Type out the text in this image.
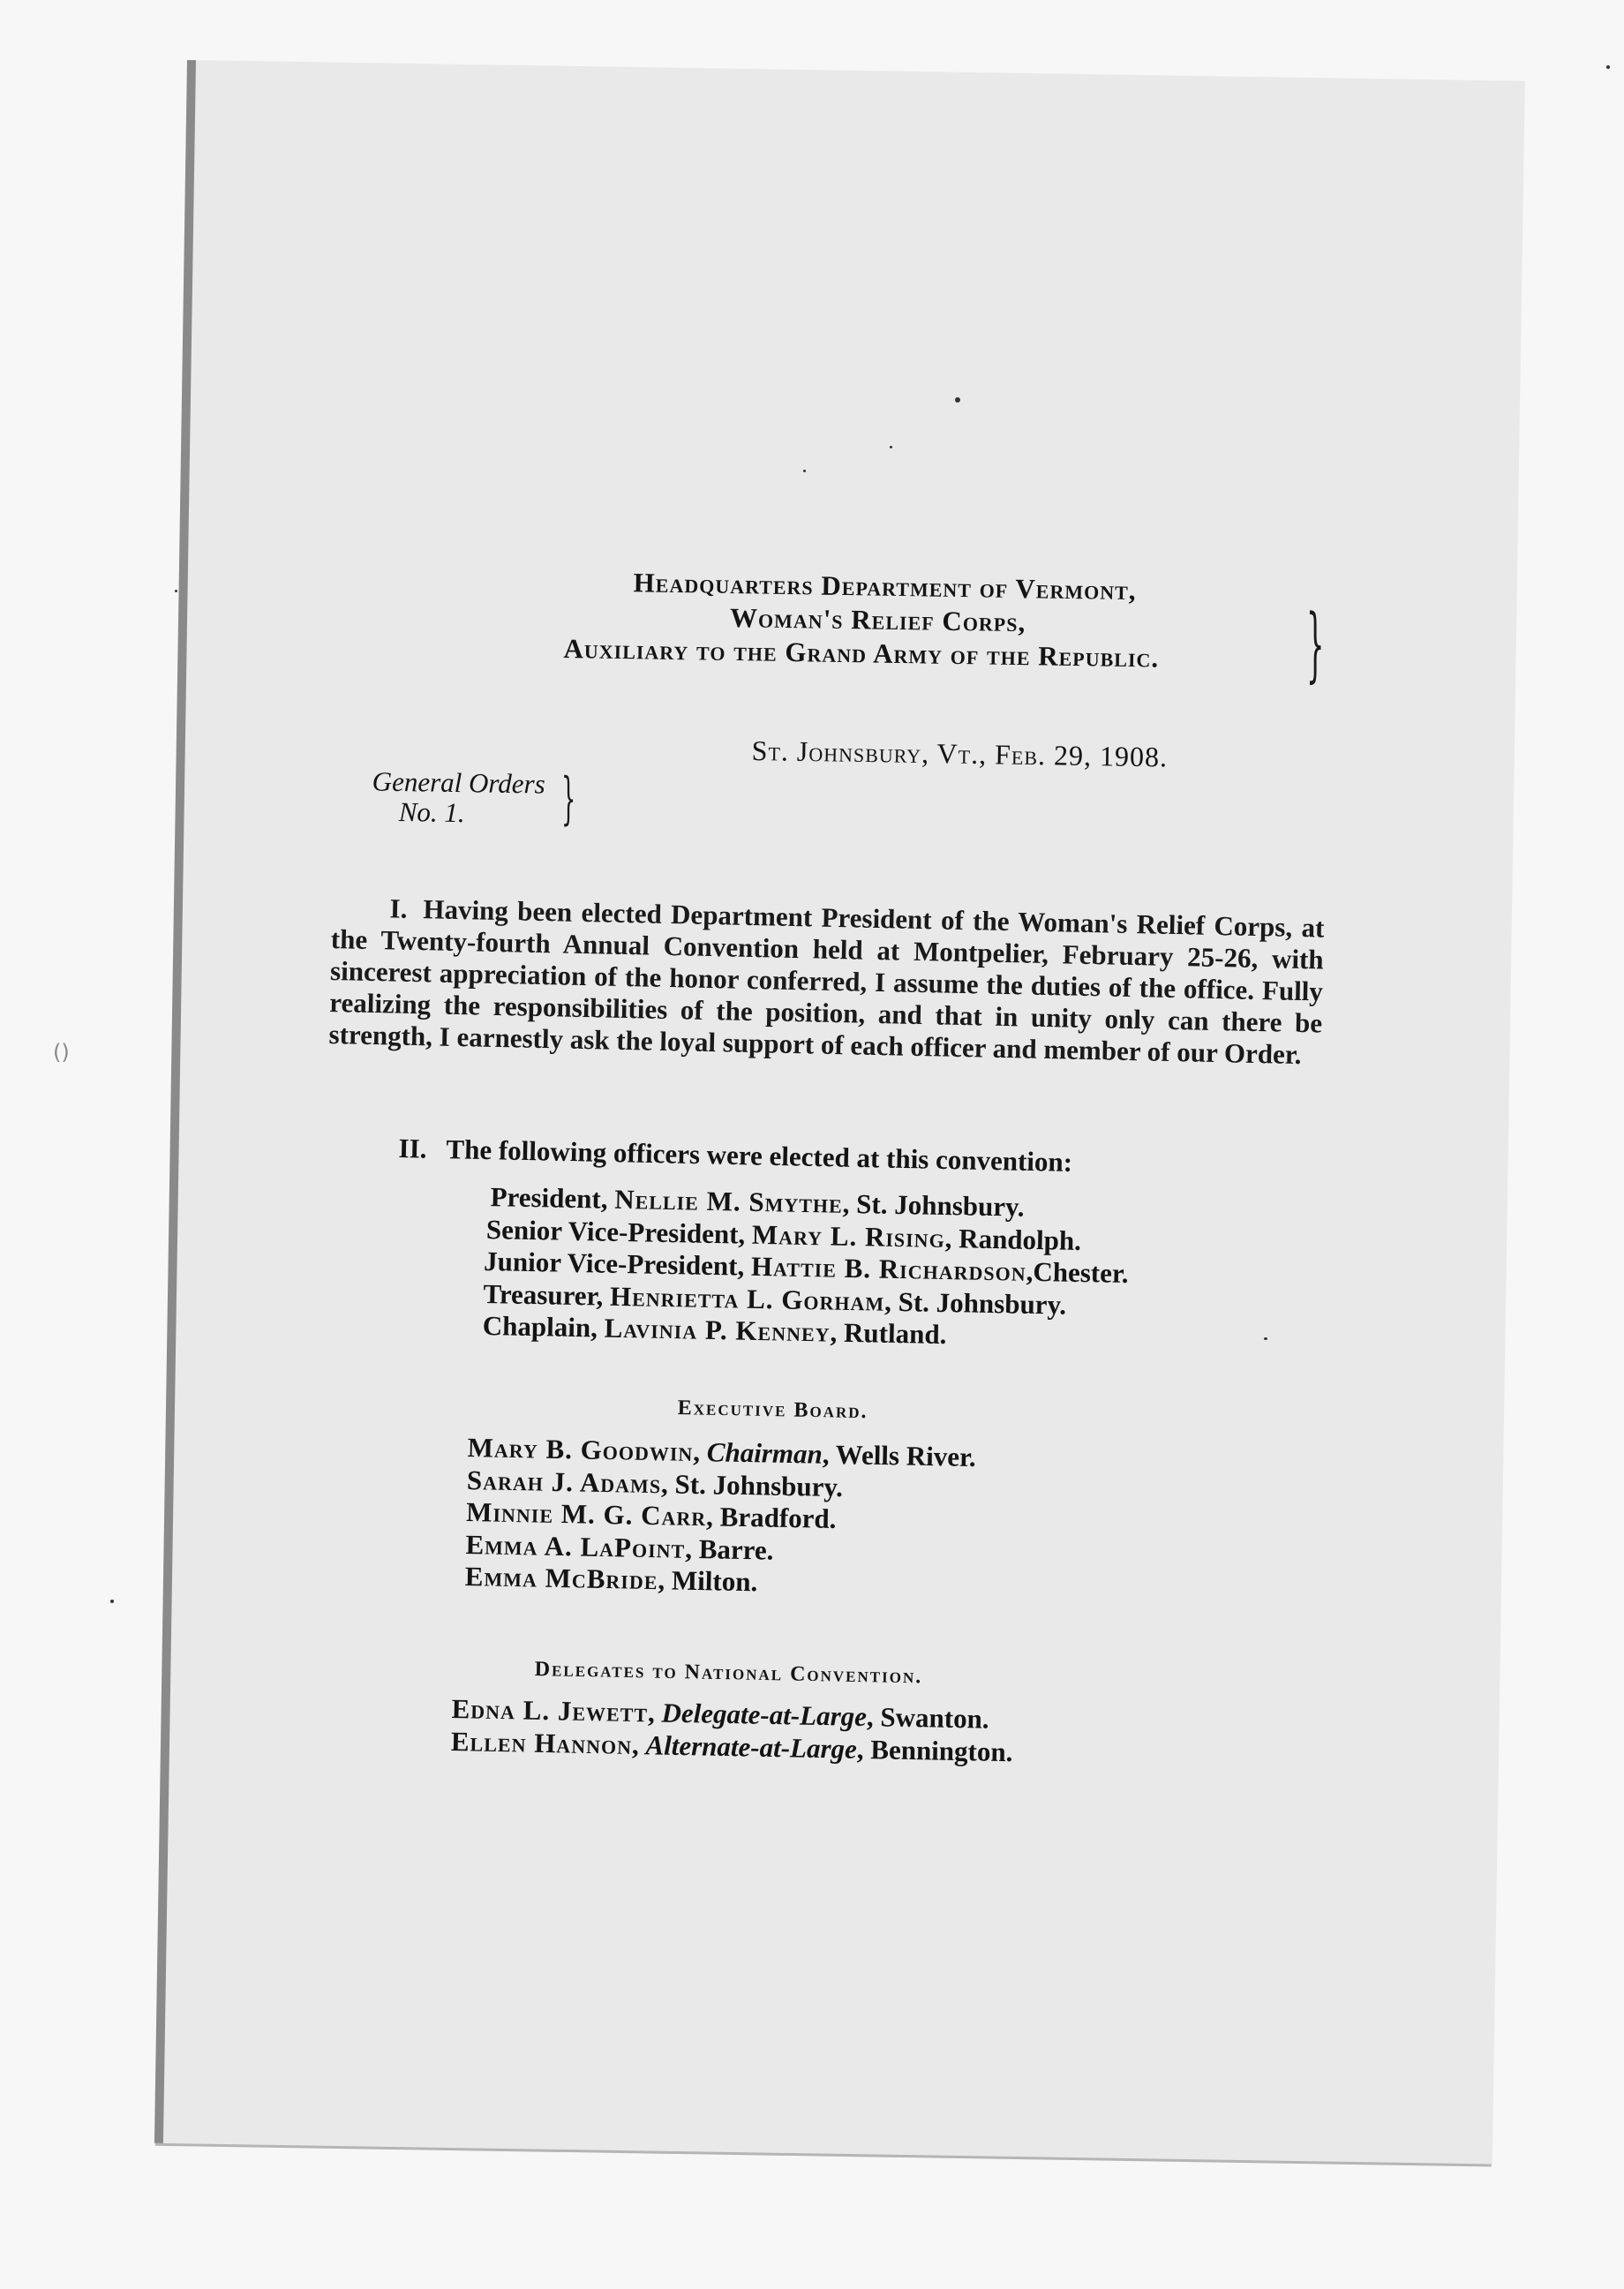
Headquarters Department of Vermont,
Woman's Relief Corps,
Auxiliary to the Grand Army of the Republic.	}
St. Johnsbury, Vt., Feb. 29, 1908.
General Orders
No. 1.	}
I. Having been elected Department President of the Woman's Relief Corps, at the Twenty-fourth Annual Convention held at Montpelier, February 25-26, with sincerest appreciation of the honor conferred, I assume the duties of the office. Fully realizing the responsibilities of the position, and that in unity only can there be strength, I earnestly ask the loyal support of each officer and member of our Order.
II. The following officers were elected at this convention:
President, Nellie M. Smythe, St. Johnsbury.
Senior Vice-President, Mary L. Rising, Randolph.
Junior Vice-President, Hattie B. Richardson,Chester.
Treasurer, Henrietta L. Gorham, St. Johnsbury.
Chaplain, Lavinia P. Kenney, Rutland.
Executive Board.
Mary B. Goodwin, Chairman, Wells River.
Sarah J. Adams, St. Johnsbury.
Minnie M. G. Carr, Bradford.
Emma A. LaPoint, Barre.
Emma McBride, Milton.
Delegates to National Convention.
Edna L. Jewett, Delegate-at-Large, Swanton.
Ellen Hannon, Alternate-at-Large, Bennington.
()
